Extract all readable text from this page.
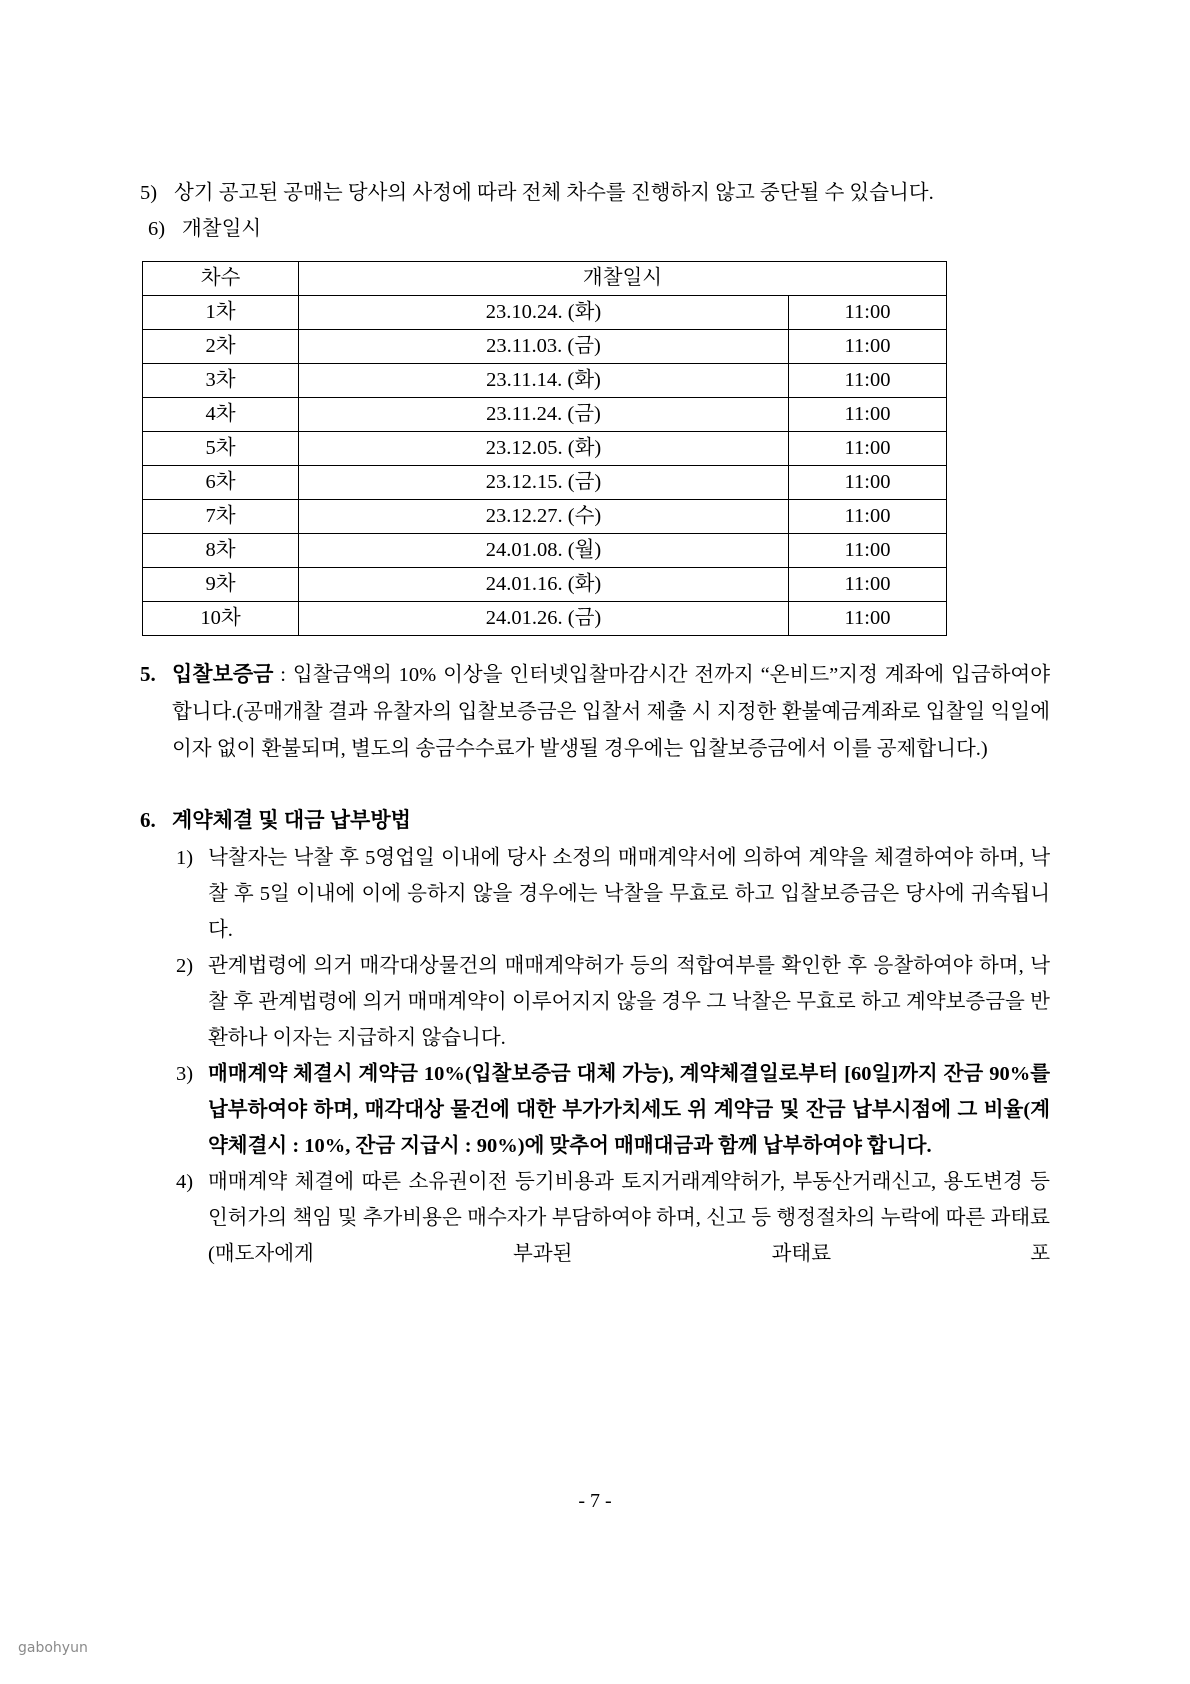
5) 상기 공고된 공매는 당사의 사정에 따라 전체 차수를 진행하지 않고 중단될 수 있습니다.
6) 개찰일시
차수	개찰일시	
1차	23.10.24. (화)	11:00
2차	23.11.03. (금)	11:00
3차	23.11.14. (화)	11:00
4차	23.11.24. (금)	11:00
5차	23.12.05. (화)	11:00
6차	23.12.15. (금)	11:00
7차	23.12.27. (수)	11:00
8차	24.01.08. (월)	11:00
9차	24.01.16. (화)	11:00
10차	24.01.26. (금)	11:00
5. 입찰보증금 : 입찰금액의 10% 이상을 인터넷입찰마감시간 전까지 “온비드”지정 계좌에 입금하여야 합니다.(공매개찰 결과 유찰자의 입찰보증금은 입찰서 제출 시 지정한 환불예금계좌로 입찰일 익일에 이자 없이 환불되며, 별도의 송금수수료가 발생될 경우에는 입찰보증금에서 이를 공제합니다.)
6. 계약체결 및 대금 납부방법
1) 낙찰자는 낙찰 후 5영업일 이내에 당사 소정의 매매계약서에 의하여 계약을 체결하여야 하며, 낙찰 후 5일 이내에 이에 응하지 않을 경우에는 낙찰을 무효로 하고 입찰보증금은 당사에 귀속됩니다.
2) 관계법령에 의거 매각대상물건의 매매계약허가 등의 적합여부를 확인한 후 응찰하여야 하며, 낙찰 후 관계법령에 의거 매매계약이 이루어지지 않을 경우 그 낙찰은 무효로 하고 계약보증금을 반환하나 이자는 지급하지 않습니다.
3) 매매계약 체결시 계약금 10%(입찰보증금 대체 가능), 계약체결일로부터 [60일]까지 잔금 90%를 납부하여야 하며, 매각대상 물건에 대한 부가가치세도 위 계약금 및 잔금 납부시점에 그 비율(계약체결시 : 10%, 잔금 지급시 : 90%)에 맞추어 매매대금과 함께 납부하여야 합니다.
4) 매매계약 체결에 따른 소유권이전 등기비용과 토지거래계약허가, 부동산거래신고, 용도변경 등 인허가의 책임 및 추가비용은 매수자가 부담하여야 하며, 신고 등 행정절차의 누락에 따른 과태료(매도자에게 부과된 과태료 포
- 7 -
gabohyun
